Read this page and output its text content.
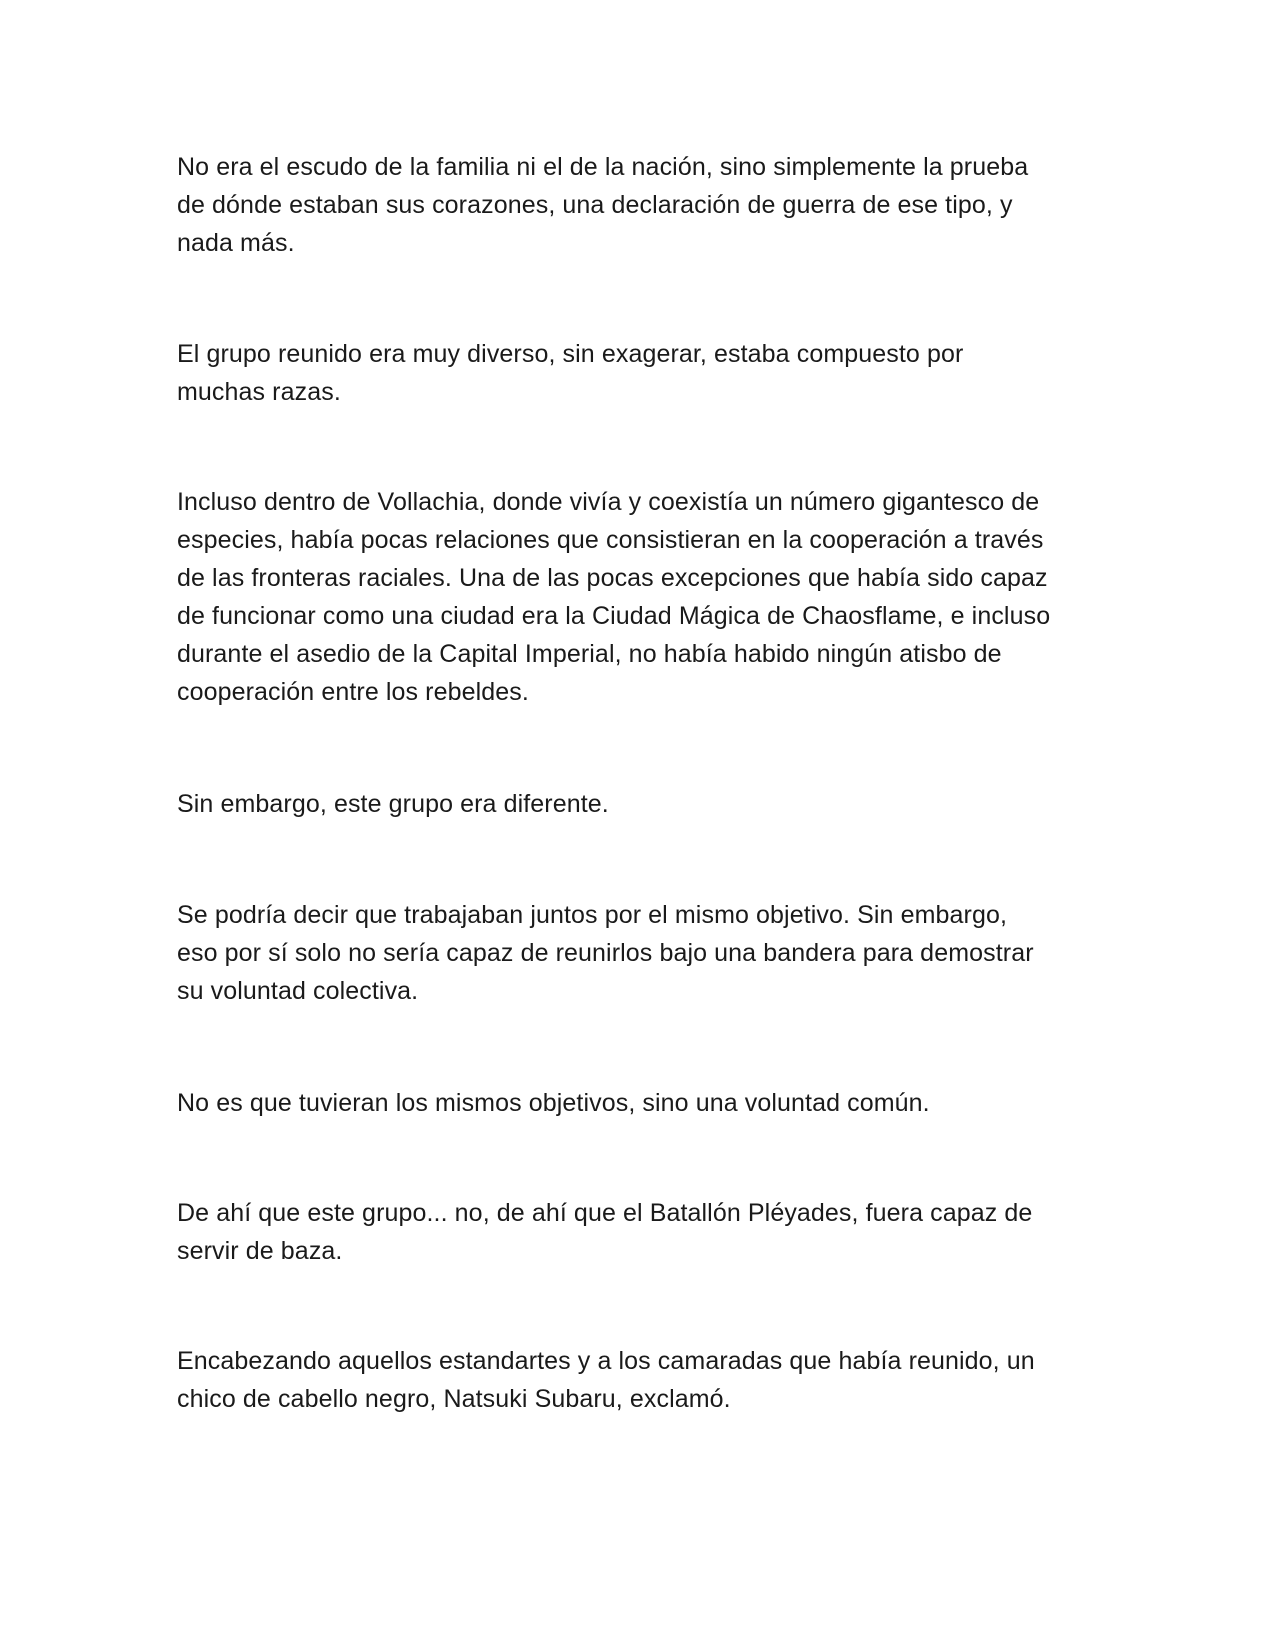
No era el escudo de la familia ni el de la nación, sino simplemente la prueba
de dónde estaban sus corazones, una declaración de guerra de ese tipo, y
nada más.

El grupo reunido era muy diverso, sin exagerar, estaba compuesto por
muchas razas.

Incluso dentro de Vollachia, donde vivía y coexistía un número gigantesco de
especies, había pocas relaciones que consistieran en la cooperación a través
de las fronteras raciales. Una de las pocas excepciones que había sido capaz
de funcionar como una ciudad era la Ciudad Mágica de Chaosflame, e incluso
durante el asedio de la Capital Imperial, no había habido ningún atisbo de
cooperación entre los rebeldes.

Sin embargo, este grupo era diferente.

Se podría decir que trabajaban juntos por el mismo objetivo. Sin embargo,
eso por sí solo no sería capaz de reunirlos bajo una bandera para demostrar
su voluntad colectiva.

No es que tuvieran los mismos objetivos, sino una voluntad común.

De ahí que este grupo... no, de ahí que el Batallón Pléyades, fuera capaz de
servir de baza.

Encabezando aquellos estandartes y a los camaradas que había reunido, un
chico de cabello negro, Natsuki Subaru, exclamó.
